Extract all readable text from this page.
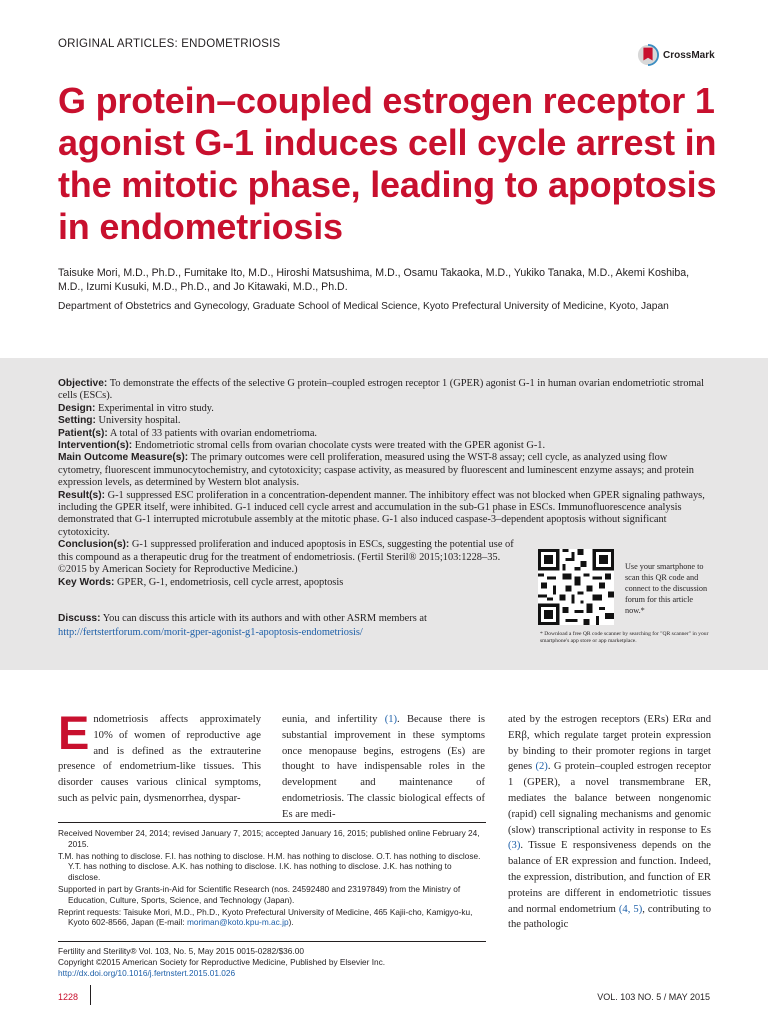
ORIGINAL ARTICLES: ENDOMETRIOSIS
CrossMark
G protein–coupled estrogen receptor 1 agonist G-1 induces cell cycle arrest in the mitotic phase, leading to apoptosis in endometriosis
Taisuke Mori, M.D., Ph.D., Fumitake Ito, M.D., Hiroshi Matsushima, M.D., Osamu Takaoka, M.D., Yukiko Tanaka, M.D., Akemi Koshiba, M.D., Izumi Kusuki, M.D., Ph.D., and Jo Kitawaki, M.D., Ph.D.
Department of Obstetrics and Gynecology, Graduate School of Medical Science, Kyoto Prefectural University of Medicine, Kyoto, Japan

Objective: To demonstrate the effects of the selective G protein–coupled estrogen receptor 1 (GPER) agonist G-1 in human ovarian endometriotic stromal cells (ESCs).

Design: Experimental in vitro study.

Setting: University hospital.

Patient(s): A total of 33 patients with ovarian endometrioma.

Intervention(s): Endometriotic stromal cells from ovarian chocolate cysts were treated with the GPER agonist G-1.

Main Outcome Measure(s): The primary outcomes were cell proliferation, measured using the WST-8 assay; cell cycle, as analyzed using flow cytometry, fluorescent immunocytochemistry, and cytotoxicity; caspase activity, as measured by fluorescent and luminescent enzyme assays; and protein expression levels, as determined by Western blot analysis.

Result(s): G-1 suppressed ESC proliferation in a concentration-dependent manner. The inhibitory effect was not blocked when GPER signaling pathways, including the GPER itself, were inhibited. G-1 induced cell cycle arrest and accumulation in the sub-G1 phase in ESCs. Immunofluorescence analysis demonstrated that G-1 interrupted microtubule assembly at the mitotic phase. G-1 also induced caspase-3–dependent apoptosis without significant cytotoxicity.

Conclusion(s): G-1 suppressed proliferation and induced apoptosis in ESCs, suggesting the potential use of this compound as a therapeutic drug for the treatment of endometriosis. (Fertil Steril® 2015;103:1228–35. ©2015 by American Society for Reproductive Medicine.)

Key Words: GPER, G-1, endometriosis, cell cycle arrest, apoptosis

Discuss: You can discuss this article with its authors and with other ASRM members at http://fertstertforum.com/morit-gper-agonist-g1-apoptosis-endometriosis/
Use your smartphone to scan this QR code and connect to the discussion forum for this article now.*
* Download a free QR code scanner by searching for "QR scanner" in your smartphone's app store or app marketplace.
Endometriosis affects approximately 10% of women of reproductive age and is defined as the extrauterine presence of endometrium-like tissues. This disorder causes various clinical symptoms, such as pelvic pain, dysmenorrhea, dyspar-
eunia, and infertility (1). Because there is substantial improvement in these symptoms once menopause begins, estrogens (Es) are thought to have indispensable roles in the development and maintenance of endometriosis. The classic biological effects of Es are medi-
ated by the estrogen receptors (ERs) ERα and ERβ, which regulate target protein expression by binding to their promoter regions in target genes (2). G protein–coupled estrogen receptor 1 (GPER), a novel transmembrane ER, mediates the balance between nongenomic (rapid) cell signaling mechanisms and genomic (slow) transcriptional activity in response to Es (3). Tissue E responsiveness depends on the balance of ER expression and function. Indeed, the expression, distribution, and function of ER proteins are different in endometriotic tissues and normal endometrium (4, 5), contributing to the pathologic

Received November 24, 2014; revised January 7, 2015; accepted January 16, 2015; published online February 24, 2015.

T.M. has nothing to disclose. F.I. has nothing to disclose. H.M. has nothing to disclose. O.T. has nothing to disclose. Y.T. has nothing to disclose. A.K. has nothing to disclose. I.K. has nothing to disclose. J.K. has nothing to disclose.

Supported in part by Grants-in-Aid for Scientific Research (nos. 24592480 and 23197849) from the Ministry of Education, Culture, Sports, Science, and Technology (Japan).

Reprint requests: Taisuke Mori, M.D., Ph.D., Kyoto Prefectural University of Medicine, 465 Kajii-cho, Kamigyo-ku, Kyoto 602-8566, Japan (E-mail: moriman@koto.kpu-m.ac.jp).

Fertility and Sterility® Vol. 103, No. 5, May 2015 0015-0282/$36.00
Copyright ©2015 American Society for Reproductive Medicine, Published by Elsevier Inc.
http://dx.doi.org/10.1016/j.fertnstert.2015.01.026
1228	VOL. 103 NO. 5 / MAY 2015
